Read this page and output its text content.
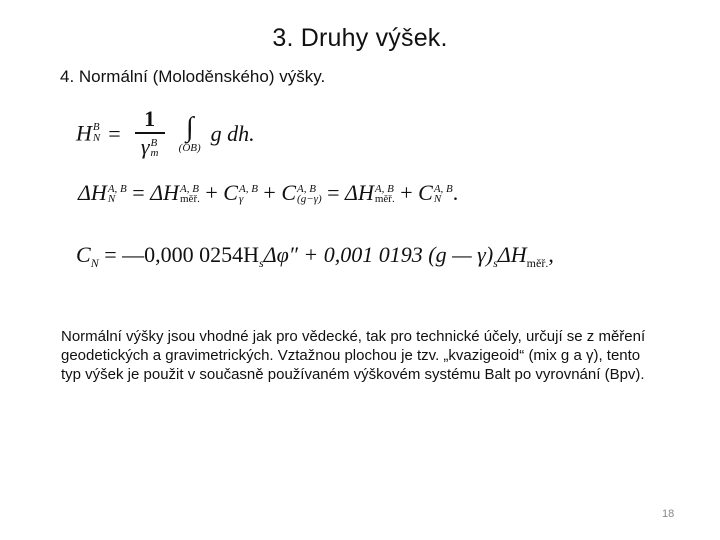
3. Druhy výšek.
4. Normální (Moloděnského) výšky.
H B
N = 1
γ B
m
∫
(OB)
g dh.
ΔH A, B
N = ΔH A, B
měř. + C A, B
γ + C A, B
(g−γ) = ΔH A, B
měř. + C A, B
N .
$C_N$ = —0,000 $0254H_s\Delta\varphi'' + 0,001$ 0193 (g — $\gamma)_s\Delta H_{měř.}$,
Normální výšky jsou vhodné jak pro vědecké, tak pro technické účely, určují se z měření geodetických a gravimetrických. Vztažnou plochou je tzv. „kvazigeoid“ (mix g a γ), tento typ výšek je použit v současně používaném výškovém systému Balt po vyrovnání (Bpv).
18
